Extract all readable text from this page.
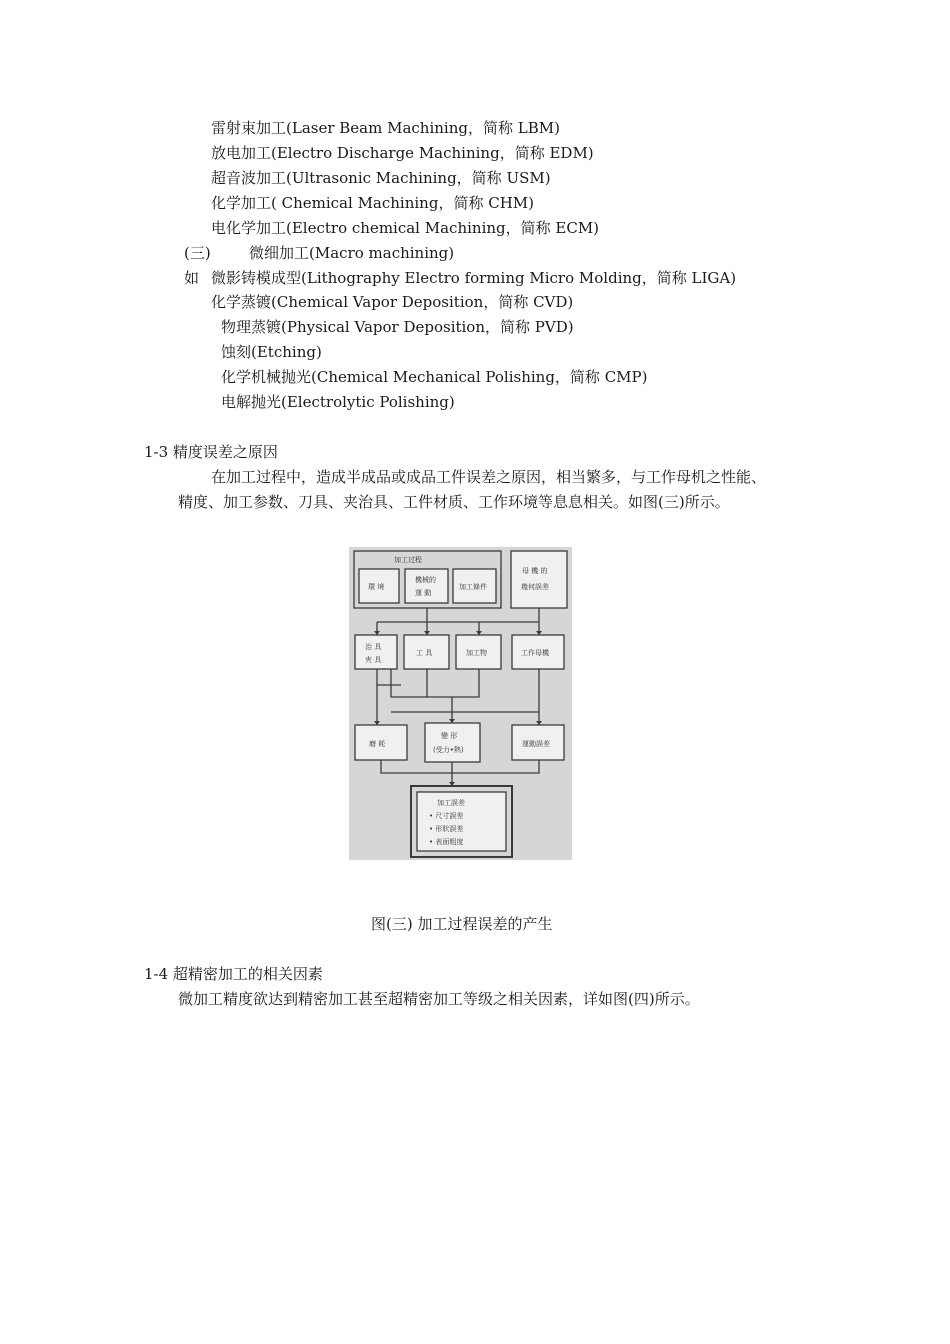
雷射束加工(Laser Beam Machining，简称 LBM)
放电加工(Electro Discharge Machining，简称 EDM)
超音波加工(Ultrasonic Machining，简称 USM)
化学加工( Chemical Machining，简称 CHM)
电化学加工(Electro chemical Machining，简称 ECM)
(三)	微细加工(Macro machining)
如 微影铸模成型(Lithography Electro forming Micro Molding，简称 LIGA)
化学蒸镀(Chemical Vapor Deposition，简称 CVD)
物理蒸镀(Physical Vapor Deposition，简称 PVD)
蚀刻(Etching)
化学机械抛光(Chemical Mechanical Polishing，简称 CMP)
电解抛光(Electrolytic Polishing)
1-3 精度误差之原因
在加工过程中，造成半成品或成品工件误差之原因，相当繁多，与工作母机之性能、
精度、加工参数、刀具、夹治具、工件材质、工作环境等息息相关。如图(三)所示。
加工过程
環 境
機械的
運 動
加工條件
母 機 的
幾何誤差
治 具
夾 具
工 具	加工物	工作母機
磨 耗
變 形
(受力•熱)
運動誤差
加工誤差
• 尺寸誤差
• 形狀誤差
• 表面粗度
图(三) 加工过程误差的产生
1-4 超精密加工的相关因素
微加工精度欲达到精密加工甚至超精密加工等级之相关因素，详如图(四)所示。
